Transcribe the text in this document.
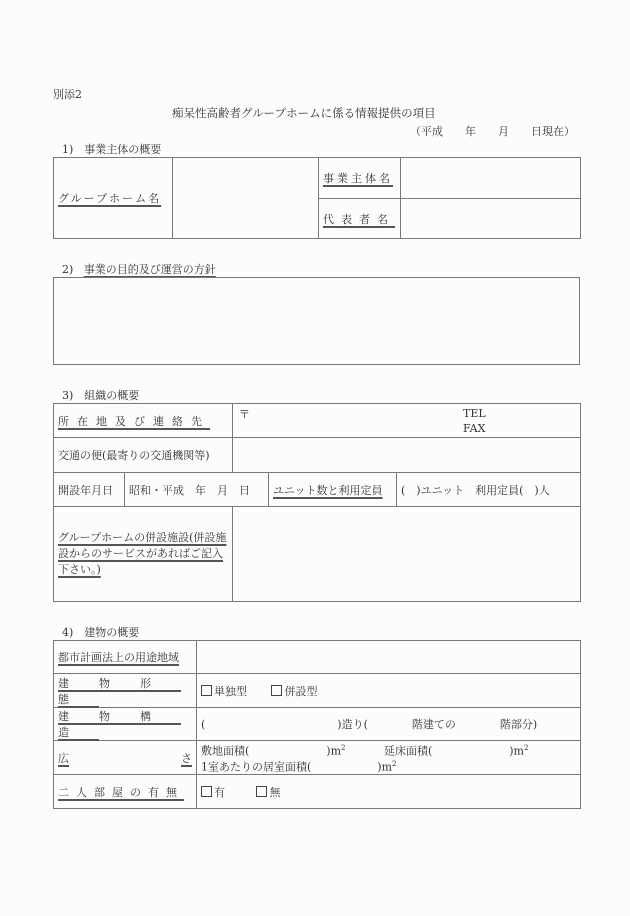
別添2
痴呆性高齢者グループホームに係る情報提供の項目
（平成　　年　　月　　日現在）
1)　事業主体の概要
グループホーム名		事業主体名	
		代表者名	
2) 事業の目的及び運営の方針
3)　組織の概要
所在地及び連絡先		〒 TEL
FAX		

交通の便(最寄りの交通機関等)				
開設年月日	昭和・平成　年　月　日		ユニット数と利用定員	(　)ユニット　利用定員(　)人
グループホームの併設施設(併設施設からのサービスがあればご記入下さい。)				
4)　建物の概要
都市計画法上の用途地域	
建物形態	単独型 併設型
建物構造	(　　　　　　　　　　　　)造り(　　　　階建ての　　　　階部分)

広 さ	敷地面積(　　　　　　　)$m^2$ 延床面積(　　　　　　　)$m^2$
1室あたりの居室面積(　　　　　　)$m^2$
二人部屋の有無	有 無
